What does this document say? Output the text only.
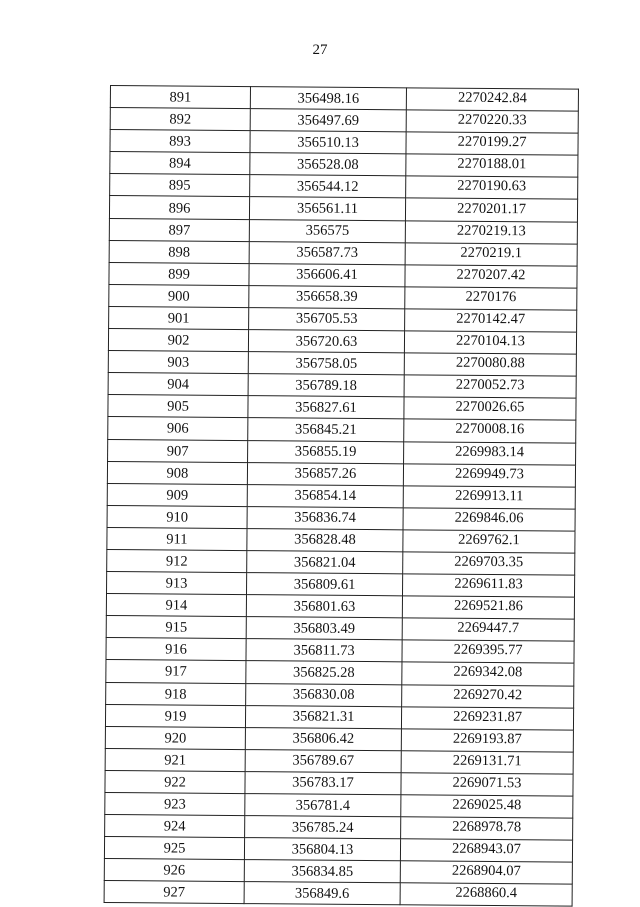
27
891	356498.16	2270242.84
892	356497.69	2270220.33
893	356510.13	2270199.27
894	356528.08	2270188.01
895	356544.12	2270190.63
896	356561.11	2270201.17
897	356575	2270219.13
898	356587.73	2270219.1
899	356606.41	2270207.42
900	356658.39	2270176
901	356705.53	2270142.47
902	356720.63	2270104.13
903	356758.05	2270080.88
904	356789.18	2270052.73
905	356827.61	2270026.65
906	356845.21	2270008.16
907	356855.19	2269983.14
908	356857.26	2269949.73
909	356854.14	2269913.11
910	356836.74	2269846.06
911	356828.48	2269762.1
912	356821.04	2269703.35
913	356809.61	2269611.83
914	356801.63	2269521.86
915	356803.49	2269447.7
916	356811.73	2269395.77
917	356825.28	2269342.08
918	356830.08	2269270.42
919	356821.31	2269231.87
920	356806.42	2269193.87
921	356789.67	2269131.71
922	356783.17	2269071.53
923	356781.4	2269025.48
924	356785.24	2268978.78
925	356804.13	2268943.07
926	356834.85	2268904.07
927	356849.6	2268860.4
